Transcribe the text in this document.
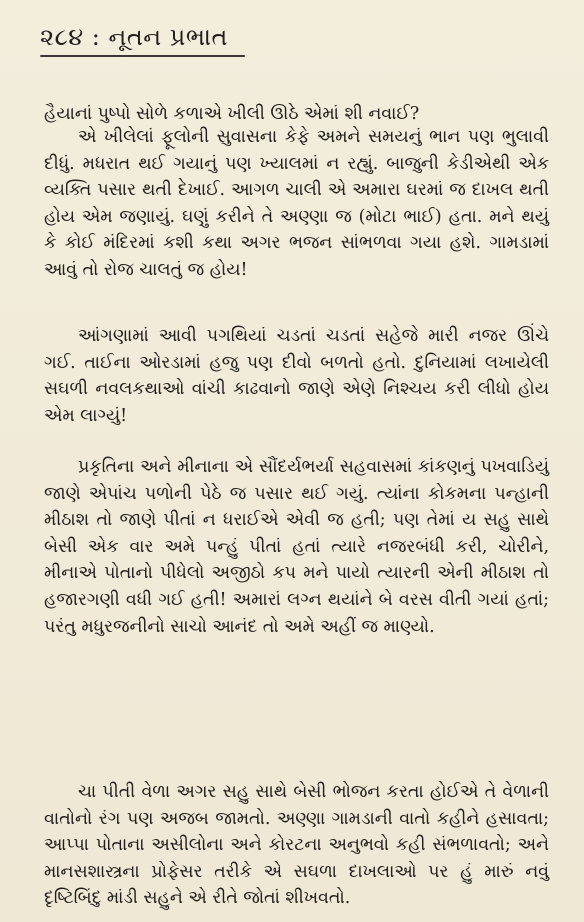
૨૮૪ : નૂતન પ્રભાત
હૈયાનાં પુષ્પો સોળે કળાએ ખીલી ઊઠે એમાં શી નવાઈ?
એ ખીલેલાં ફૂલોની સુવાસના કેફે અમને સમયનું ભાન પણ ભુલાવી દીધું. મધરાત થઈ ગયાનું પણ ખ્યાલમાં ન રહ્યું. બાજુની કેડીએથી એક વ્યક્તિ પસાર થતી દેખાઈ. આગળ ચાલી એ અમારા ઘરમાં જ દાખલ થતી હોય એમ જણાયું. ઘણું કરીને તે અણ્ણા જ (મોટા ભાઈ) હતા. મને થયું કે કોઈ મંદિરમાં કશી કથા અગર ભજન સાંભળવા ગયા હશે. ગામડામાં આવું તો રોજ ચાલતું જ હોય!
આંગણામાં આવી પગથિયાં ચડતાં ચડતાં સહેજે મારી નજર ઊંચે ગઈ. તાઈના ઓરડામાં હજુ પણ દીવો બળતો હતો. દુનિયામાં લખાયેલી સઘળી નવલકથાઓ વાંચી કાઢવાનો જાણે એણે નિશ્ચય કરી લીધો હોય એમ લાગ્યું!
પ્રકૃતિના અને મીનાના એ સૌંદર્યભર્યા સહવાસમાં કાંકણનું પખવાડિયું જાણે એપાંચ પળોની પેઠે જ પસાર થઈ ગયું. ત્યાંના કોકમના પન્હાની મીઠાશ તો જાણે પીતાં ન ધરાઈએ એવી જ હતી; પણ તેમાં ય સહુ સાથે બેસી એક વાર અમે પન્હું પીતાં હતાં ત્યારે નજરબંધી કરી, ચોરીને, મીનાએ પોતાનો પીધેલો અજીઠો કપ મને પાયો ત્યારની એની મીઠાશ તો હજારગણી વધી ગઈ હતી! અમારાં લગ્ન થયાંને બે વરસ વીતી ગયાં હતાં; પરંતુ મધુરજનીનો સાચો આનંદ તો અમે અહીં જ માણ્યો.
ચા પીતી વેળા અગર સહુ સાથે બેસી ભોજન કરતા હોઈએ તે વેળાની વાતોનો રંગ પણ અજબ જામતો. અણ્ણા ગામડાની વાતો કહીને હસાવતા; આપ્પા પોતાના અસીલોના અને કોરટના અનુભવો કહી સંભળાવતો; અને માનસશાસ્ત્રના પ્રોફેસર તરીકે એ સઘળા દાખલાઓ પર હું મારું નવું દૃષ્ટિબિંદુ માંડી સહુને એ રીતે જોતાં શીખવતો.
